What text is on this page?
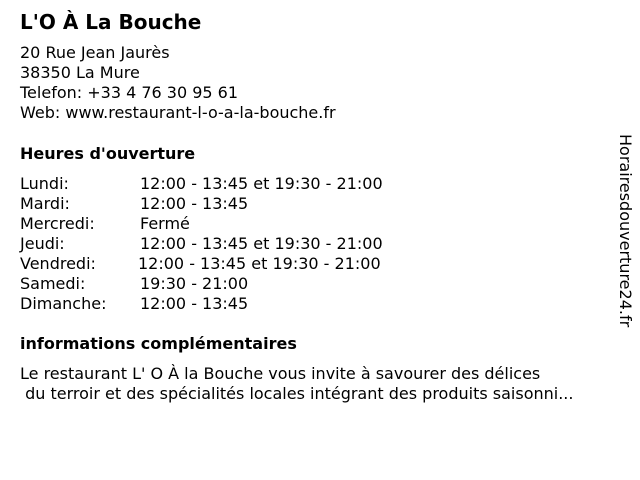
L'O À La Bouche
20 Rue Jean Jaurès
38350 La Mure
Telefon: +33 4 76 30 95 61
Web: www.restaurant-l-o-a-la-bouche.fr
Heures d'ouverture
Lundi:	12:00 - 13:45 et 19:30 - 21:00
Mardi:	12:00 - 13:45
Mercredi:	Fermé
Jeudi:	12:00 - 13:45 et 19:30 - 21:00
Vendredi:	12:00 - 13:45 et 19:30 - 21:00
Samedi:	19:30 - 21:00
Dimanche: 12:00 - 13:45
informations complémentaires
Le restaurant L' O À la Bouche vous invite à savourer des délices
du terroir et des spécialités locales intégrant des produits saisonni...
Horairesdouverture24.fr
